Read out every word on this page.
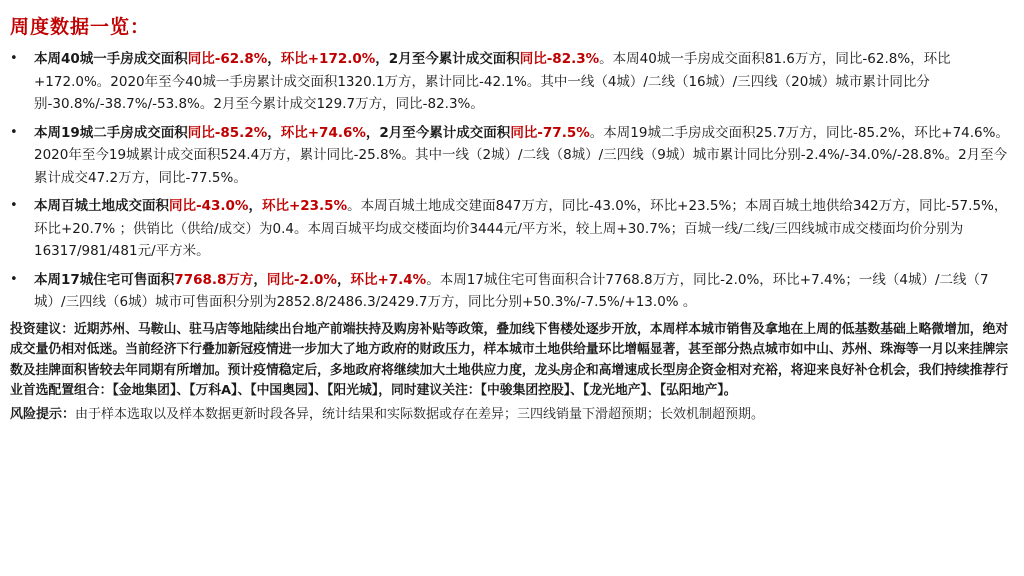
周度数据一览：
• 本周40城一手房成交面积同比-62.8%，环比+172.0%，2月至今累计成交面积同比-82.3%。本周40城一手房成交面积81.6万方，同比-62.8%，环比+172.0%。2020年至今40城一手房累计成交面积1320.1万方，累计同比-42.1%。其中一线（4城）/二线（16城）/三四线（20城）城市累计同比分别-30.8%/-38.7%/-53.8%。2月至今累计成交129.7万方，同比-82.3%。
• 本周19城二手房成交面积同比-85.2%，环比+74.6%，2月至今累计成交面积同比-77.5%。本周19城二手房成交面积25.7万方，同比-85.2%，环比+74.6%。2020年至今19城累计成交面积524.4万方，累计同比-25.8%。其中一线（2城）/二线（8城）/三四线（9城）城市累计同比分别-2.4%/-34.0%/-28.8%。2月至今累计成交47.2万方，同比-77.5%。
• 本周百城土地成交面积同比-43.0%，环比+23.5%。本周百城土地成交建面847万方，同比-43.0%，环比+23.5%；本周百城土地供给342万方，同比-57.5%，环比+20.7% ；供销比（供给/成交）为0.4。本周百城平均成交楼面均价3444元/平方米，较上周+30.7%；百城一线/二线/三四线城市成交楼面均价分别为16317/981/481元/平方米。
• 本周17城住宅可售面积7768.8万方，同比-2.0%，环比+7.4%。本周17城住宅可售面积合计7768.8万方，同比-2.0%，环比+7.4%；一线（4城）/二线（7城）/三四线（6城）城市可售面积分别为2852.8/2486.3/2429.7万方，同比分别+50.3%/-7.5%/+13.0% 。
投资建议：近期苏州、马鞍山、驻马店等地陆续出台地产前端扶持及购房补贴等政策，叠加线下售楼处逐步开放，本周样本城市销售及拿地在上周的低基数基础上略微增加，绝对成交量仍相对低迷。当前经济下行叠加新冠疫情进一步加大了地方政府的财政压力，样本城市土地供给量环比增幅显著，甚至部分热点城市如中山、苏州、珠海等一月以来挂牌宗数及挂牌面积皆较去年同期有所增加。预计疫情稳定后，多地政府将继续加大土地供应力度，龙头房企和高增速成长型房企资金相对充裕，将迎来良好补仓机会，我们持续推荐行业首选配置组合：【金地集团】、【万科A】、【中国奥园】、【阳光城】，同时建议关注：【中骏集团控股】、【龙光地产】、【弘阳地产】。
风险提示：由于样本选取以及样本数据更新时段各异，统计结果和实际数据或存在差异；三四线销量下滑超预期；长效机制超预期。
